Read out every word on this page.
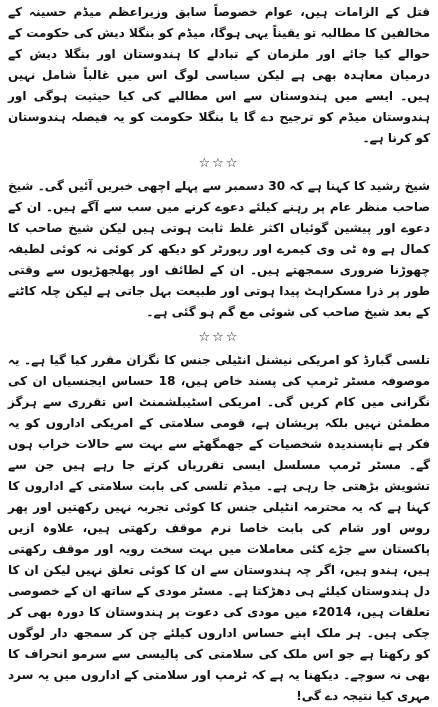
قتل کے الزامات ہیں، عوام خصوصاً سابق وزیراعظم میڈم حسینہ کے مخالفین کا مطالبہ تو یقیناً یہی ہوگا، میڈم کو بنگلا دیش کی حکومت کے حوالے کیا جائے اور ملزمان کے تبادلے کا ہندوستان اور بنگلا دیش کے درمیان معاہدہ بھی ہے لیکن سیاسی لوگ اس میں غالباً شامل نہیں ہیں۔ ایسے میں ہندوستان سے اس مطالبے کی کیا حیثیت ہوگی اور ہندوستان میڈم کو ترجیح دے گا یا بنگلا حکومت کو یہ فیصلہ ہندوستان کو کرنا ہے۔

☆☆☆

شیخ رشید کا کہنا ہے کہ 30 دسمبر سے پہلے اچھی خبریں آئیں گی۔ شیخ صاحب منظر عام پر رہنے کیلئے دعوے کرنے میں سب سے آگے ہیں۔ ان کے دعوے اور پیشین گوئیاں اکثر غلط ثابت ہوتی ہیں لیکن شیخ صاحب کا کمال ہے وہ ٹی وی کیمرے اور رپورٹر کو دیکھ کر کوئی نہ کوئی لطیفہ چھوڑنا ضروری سمجھتے ہیں۔ ان کے لطائف اور پھلجھڑیوں سے وقتی طور پر ذرا مسکراہٹ پیدا ہوتی اور طبیعت بہل جاتی ہے لیکن چلہ کاٹنے کے بعد شیخ صاحب کی شوئی مع گم ہو گئی ہے۔

☆☆☆

تلسی گبارڈ کو امریکی نیشنل انٹیلی جنس کا نگران مقرر کیا گیا ہے۔ یہ موصوفہ مسٹر ٹرمپ کی پسند خاص ہیں، 18 حساس ایجنسیاں ان کی نگرانی میں کام کریں گی۔ امریکی اسٹیبلشمنٹ اس تقرری سے ہرگز مطمئن نہیں بلکہ پریشان ہے، قومی سلامتی کے امریکی اداروں کو یہ فکر ہے ناپسندیدہ شخصیات کے جھمگھٹے سے بہت سے حالات خراب ہوں گے۔ مسٹر ٹرمپ مسلسل ایسی تقرریاں کرتے جا رہے ہیں جن سے تشویش بڑھتی جا رہی ہے۔ میڈم تلسی کی بابت سلامتی کے اداروں کا کہنا ہے کہ یہ محترمہ انٹیلی جنس کا کوئی تجربہ نہیں رکھتیں اور پھر روس اور شام کی بابت خاصا نرم موقف رکھتی ہیں، علاوہ ازیں پاکستان سے جڑے کئی معاملات میں بہت سخت رویہ اور موقف رکھتی ہیں، ہندو ہیں، اگر چہ ہندوستان سے ان کا کوئی تعلق نہیں لیکن ان کا دل ہندوستان کیلئے ہی دھڑکتا ہے۔ مسٹر مودی کے ساتھ ان کے خصوصی تعلقات ہیں، 2014ء میں مودی کی دعوت پر ہندوستان کا دورہ بھی کر چکی ہیں۔ ہر ملک اپنے حساس اداروں کیلئے چن کر سمجھ دار لوگوں کو رکھتا ہے جو اس ملک کی سلامتی کی پالیسی سے سرمو انحراف کا بھی نہ سوچے۔ دیکھنا یہ ہے کہ ٹرمپ اور سلامتی کے اداروں میں یہ سرد مہری کیا نتیجہ دے گی!
